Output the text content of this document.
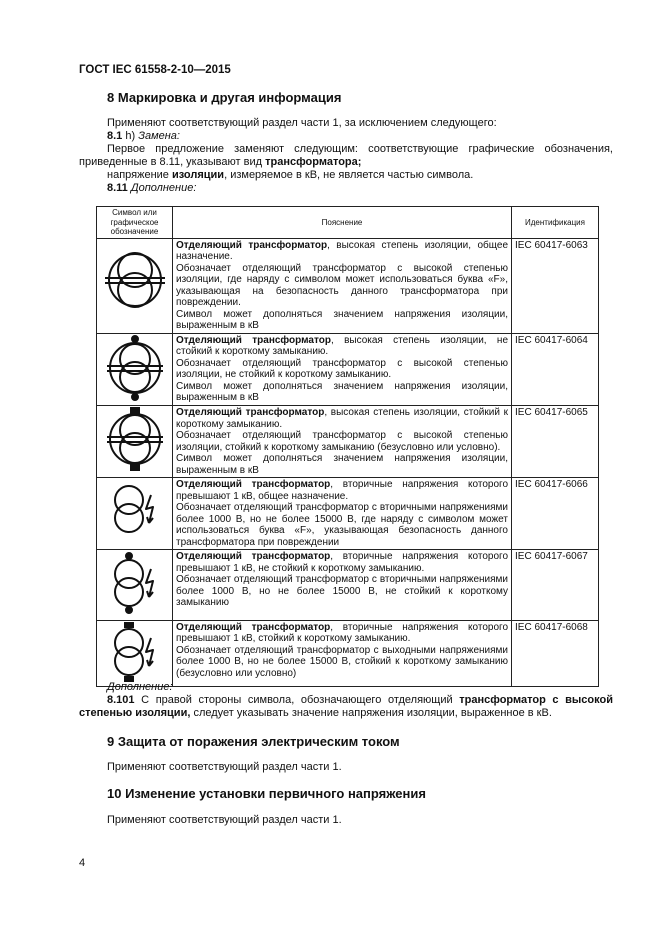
ГОСТ IEC 61558-2-10—2015
8 Маркировка и другая информация
Применяют соответствующий раздел части 1, за исключением следующего:
8.1 h) Замена:
Первое предложение заменяют следующим: соответствующие графические обозначения,
приведенные в 8.11, указывают вид трансформатора;
напряжение изоляции, измеряемое в кВ, не является частью символа.
8.11 Дополнение:
Символ или графическое обозначение	Пояснение	Идентификация

Отделяющий трансформатор, высокая степень изоляции, общее назначение.
Обозначает отделяющий трансформатор с высокой степенью изоляции, где наряду с символом может использоваться буква «F», указывающая на безопасность данного трансформатора при повреждении.
Символ может дополняться значением напряжения изоляции, выраженным в кВ	IEC 60417-6063

Отделяющий трансформатор, высокая степень изоляции, не стойкий к короткому замыканию.
Обозначает отделяющий трансформатор с высокой степенью изоляции, не стойкий к короткому замыканию.
Символ может дополняться значением напряжения изоляции, выраженным в кВ	IEC 60417-6064

Отделяющий трансформатор, высокая степень изоляции, стойкий к короткому замыканию.
Обозначает отделяющий трансформатор с высокой степенью изоляции, стойкий к короткому замыканию (безусловно или условно).
Символ может дополняться значением напряжения изоляции, выраженным в кВ	IEC 60417-6065

Отделяющий трансформатор, вторичные напряжения которого превышают 1 кВ, общее назначение.
Обозначает отделяющий трансформатор с вторичными напряжениями более 1000 В, но не более 15000 В, где наряду с символом может использоваться буква «F», указывающая безопасность данного трансформатора при повреждении	IEC 60417-6066

Отделяющий трансформатор, вторичные напряжения которого превышают 1 кВ, не стойкий к короткому замыканию.
Обозначает отделяющий трансформатор с вторичными напряжениями более 1000 В, но не более 15000 В, не стойкий к короткому замыканию	IEC 60417-6067

Отделяющий трансформатор, вторичные напряжения которого превышают 1 кВ, стойкий к короткому замыканию.
Обозначает отделяющий трансформатор с выходными напряжениями более 1000 В, но не более 15000 В, стойкий к короткому замыканию (безусловно или условно)	IEC 60417-6068
Дополнение:
8.101 С правой стороны символа, обозначающего отделяющий трансформатор с высокой
степенью изоляции, следует указывать значение напряжения изоляции, выраженное в кВ.
9 Защита от поражения электрическим током
Применяют соответствующий раздел части 1.
10 Изменение установки первичного напряжения
Применяют соответствующий раздел части 1.
4
